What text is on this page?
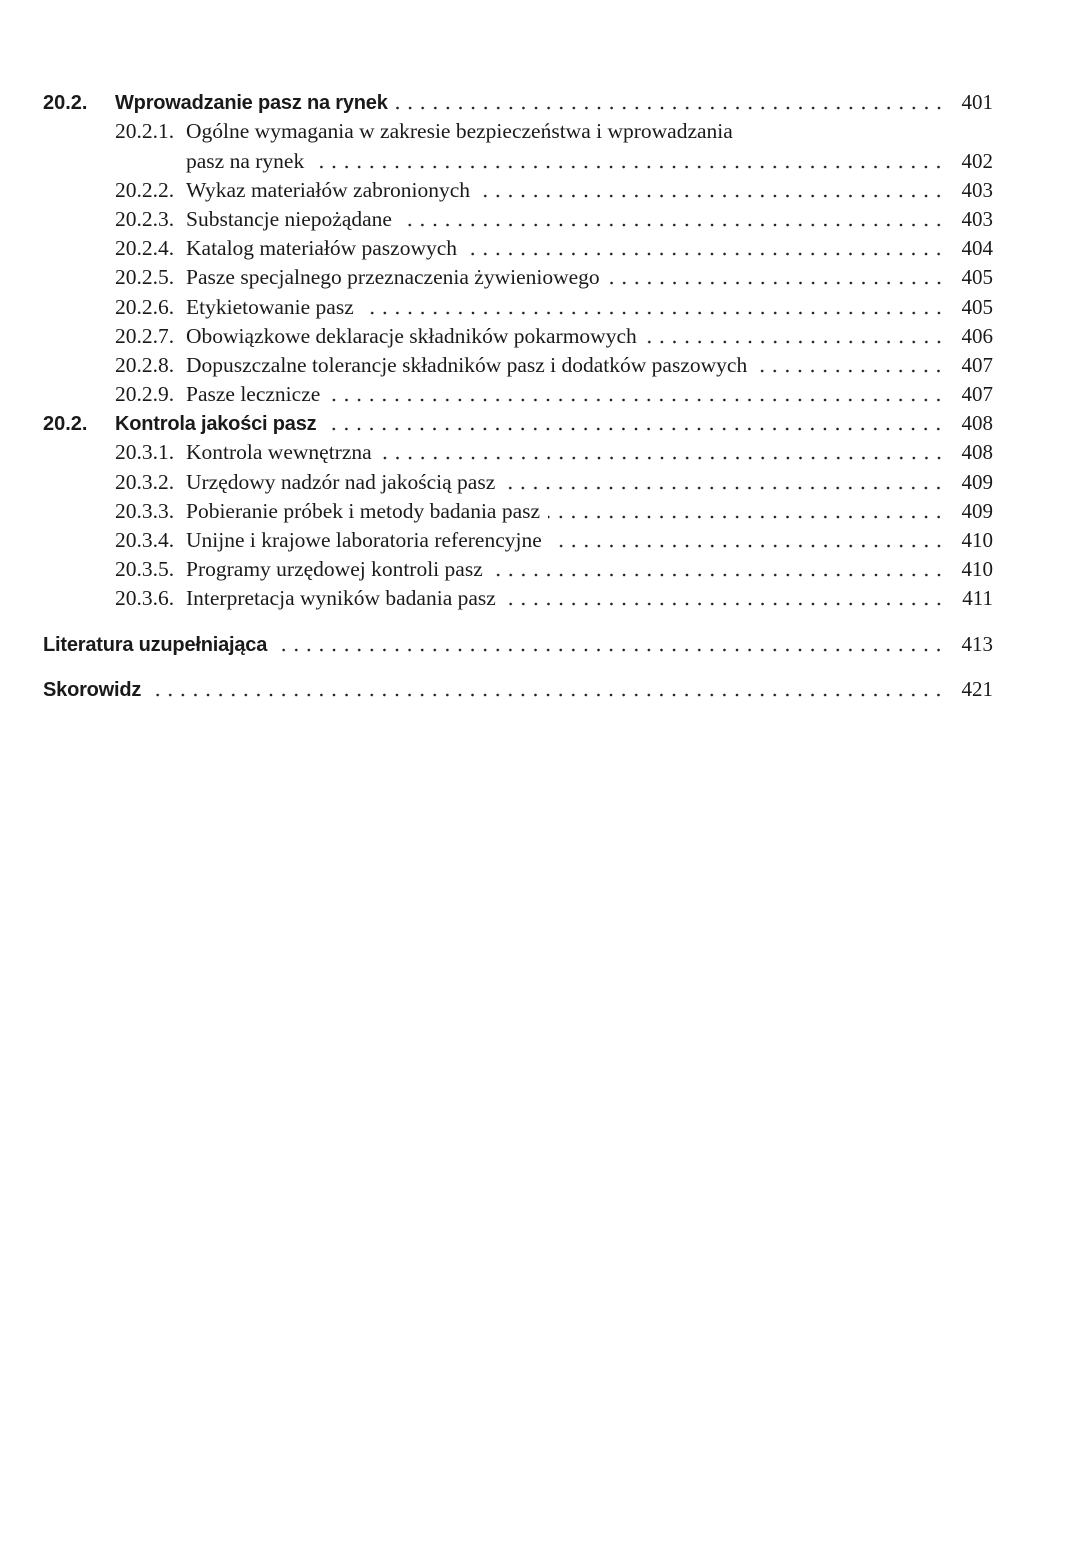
20.2.	Wprowadzanie pasz na rynek	401
20.2.1. Ogólne wymagania w zakresie bezpieczeństwa i wprowadzania
pasz na rynek	402
20.2.2. Wykaz materiałów zabronionych	403
20.2.3. Substancje niepożądane	403
20.2.4. Katalog materiałów paszowych	404
20.2.5. Pasze specjalnego przeznaczenia żywieniowego	405
20.2.6. Etykietowanie pasz	405
20.2.7. Obowiązkowe deklaracje składników pokarmowych	406
20.2.8. Dopuszczalne tolerancje składników pasz i dodatków paszowych	407
20.2.9. Pasze lecznicze	407
20.2.	Kontrola jakości pasz	408
20.3.1. Kontrola wewnętrzna	408
20.3.2. Urzędowy nadzór nad jakością pasz	409
20.3.3. Pobieranie próbek i metody badania pasz	409
20.3.4. Unijne i krajowe laboratoria referencyjne	410
20.3.5. Programy urzędowej kontroli pasz	410
20.3.6. Interpretacja wyników badania pasz	411
Literatura uzupełniająca	413
Skorowidz	421
